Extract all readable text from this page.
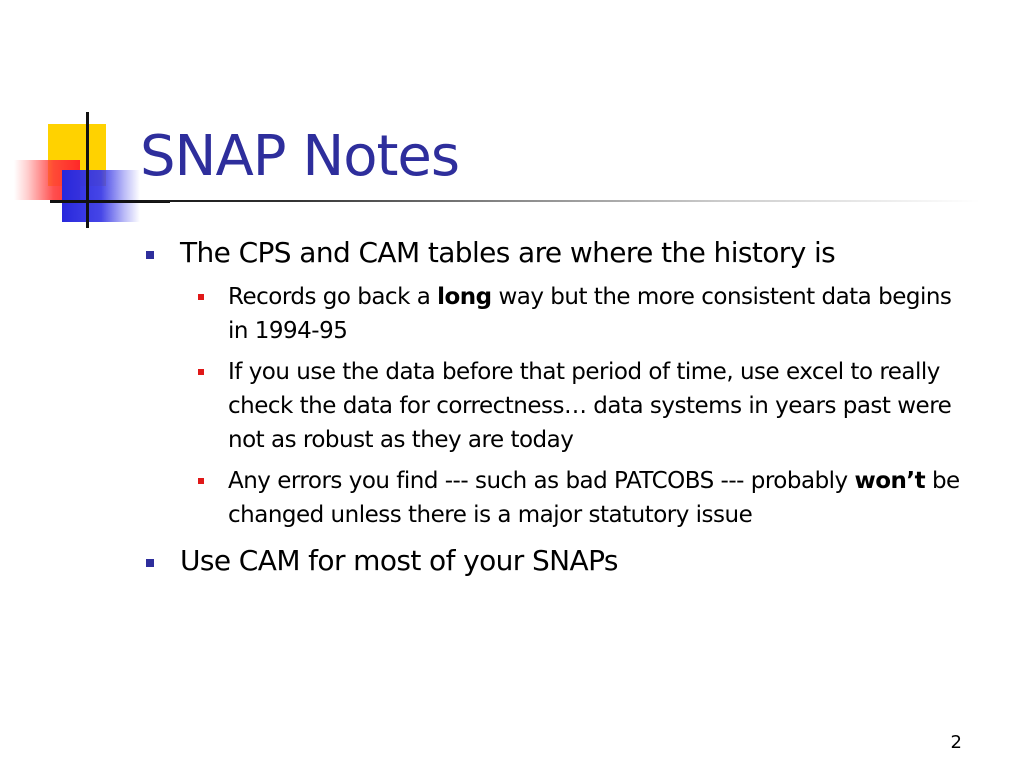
SNAP Notes
The CPS and CAM tables are where the history is
Records go back a long way but the more consistent data begins in 1994-95
If you use the data before that period of time, use excel to really check the data for correctness… data systems in years past were not as robust as they are today
Any errors you find --- such as bad PATCOBS --- probably won’t be changed unless there is a major statutory issue
Use CAM for most of your SNAPs
2
